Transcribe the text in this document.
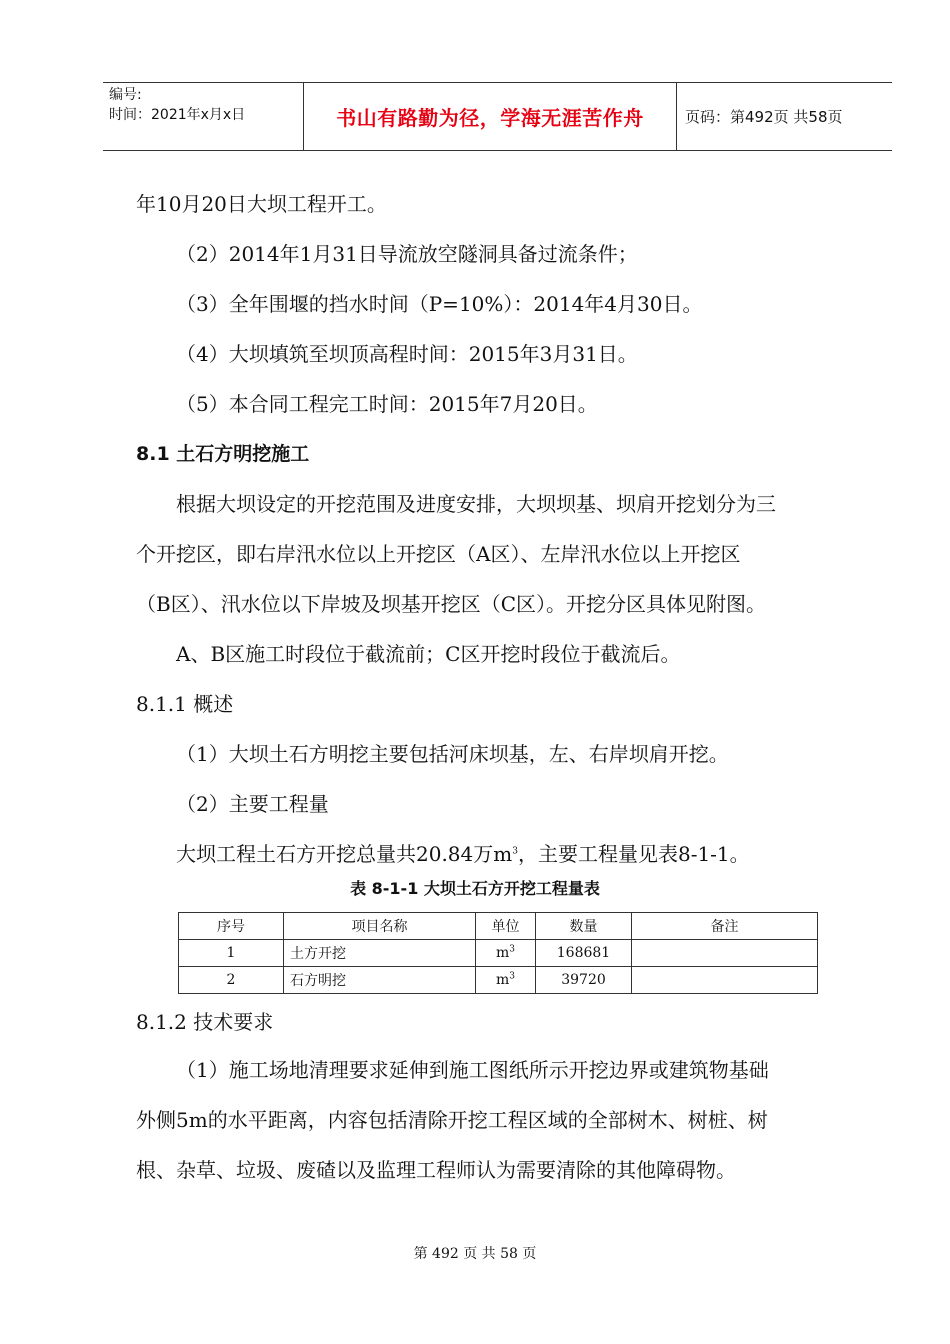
编号:
时间：2021年x月x日	书山有路勤为径，学海无涯苦作舟	页码：第492页 共58页
年10月20日大坝工程开工。
（2）2014年1月31日导流放空隧洞具备过流条件；
（3）全年围堰的挡水时间（P=10%）：2014年4月30日。
（4）大坝填筑至坝顶高程时间：2015年3月31日。
（5）本合同工程完工时间：2015年7月20日。
8.1 土石方明挖施工
根据大坝设定的开挖范围及进度安排，大坝坝基、坝肩开挖划分为三
个开挖区，即右岸汛水位以上开挖区（A区）、左岸汛水位以上开挖区
（B区）、汛水位以下岸坡及坝基开挖区（C区）。开挖分区具体见附图。
A、B区施工时段位于截流前；C区开挖时段位于截流后。
8.1.1 概述
（1）大坝土石方明挖主要包括河床坝基，左、右岸坝肩开挖。
（2）主要工程量
大坝工程土石方开挖总量共20.84万$m^3$，主要工程量见表8-1-1。
表 8-1-1 大坝土石方开挖工程量表
序号	项目名称	单位	数量	备注
1	土方开挖	$m^3$	168681	
2	石方明挖	$m^3$	39720	
8.1.2 技术要求
（1）施工场地清理要求延伸到施工图纸所示开挖边界或建筑物基础
外侧5m的水平距离，内容包括清除开挖工程区域的全部树木、树桩、树
根、杂草、垃圾、废碴以及监理工程师认为需要清除的其他障碍物。
第 492 页 共 58 页
